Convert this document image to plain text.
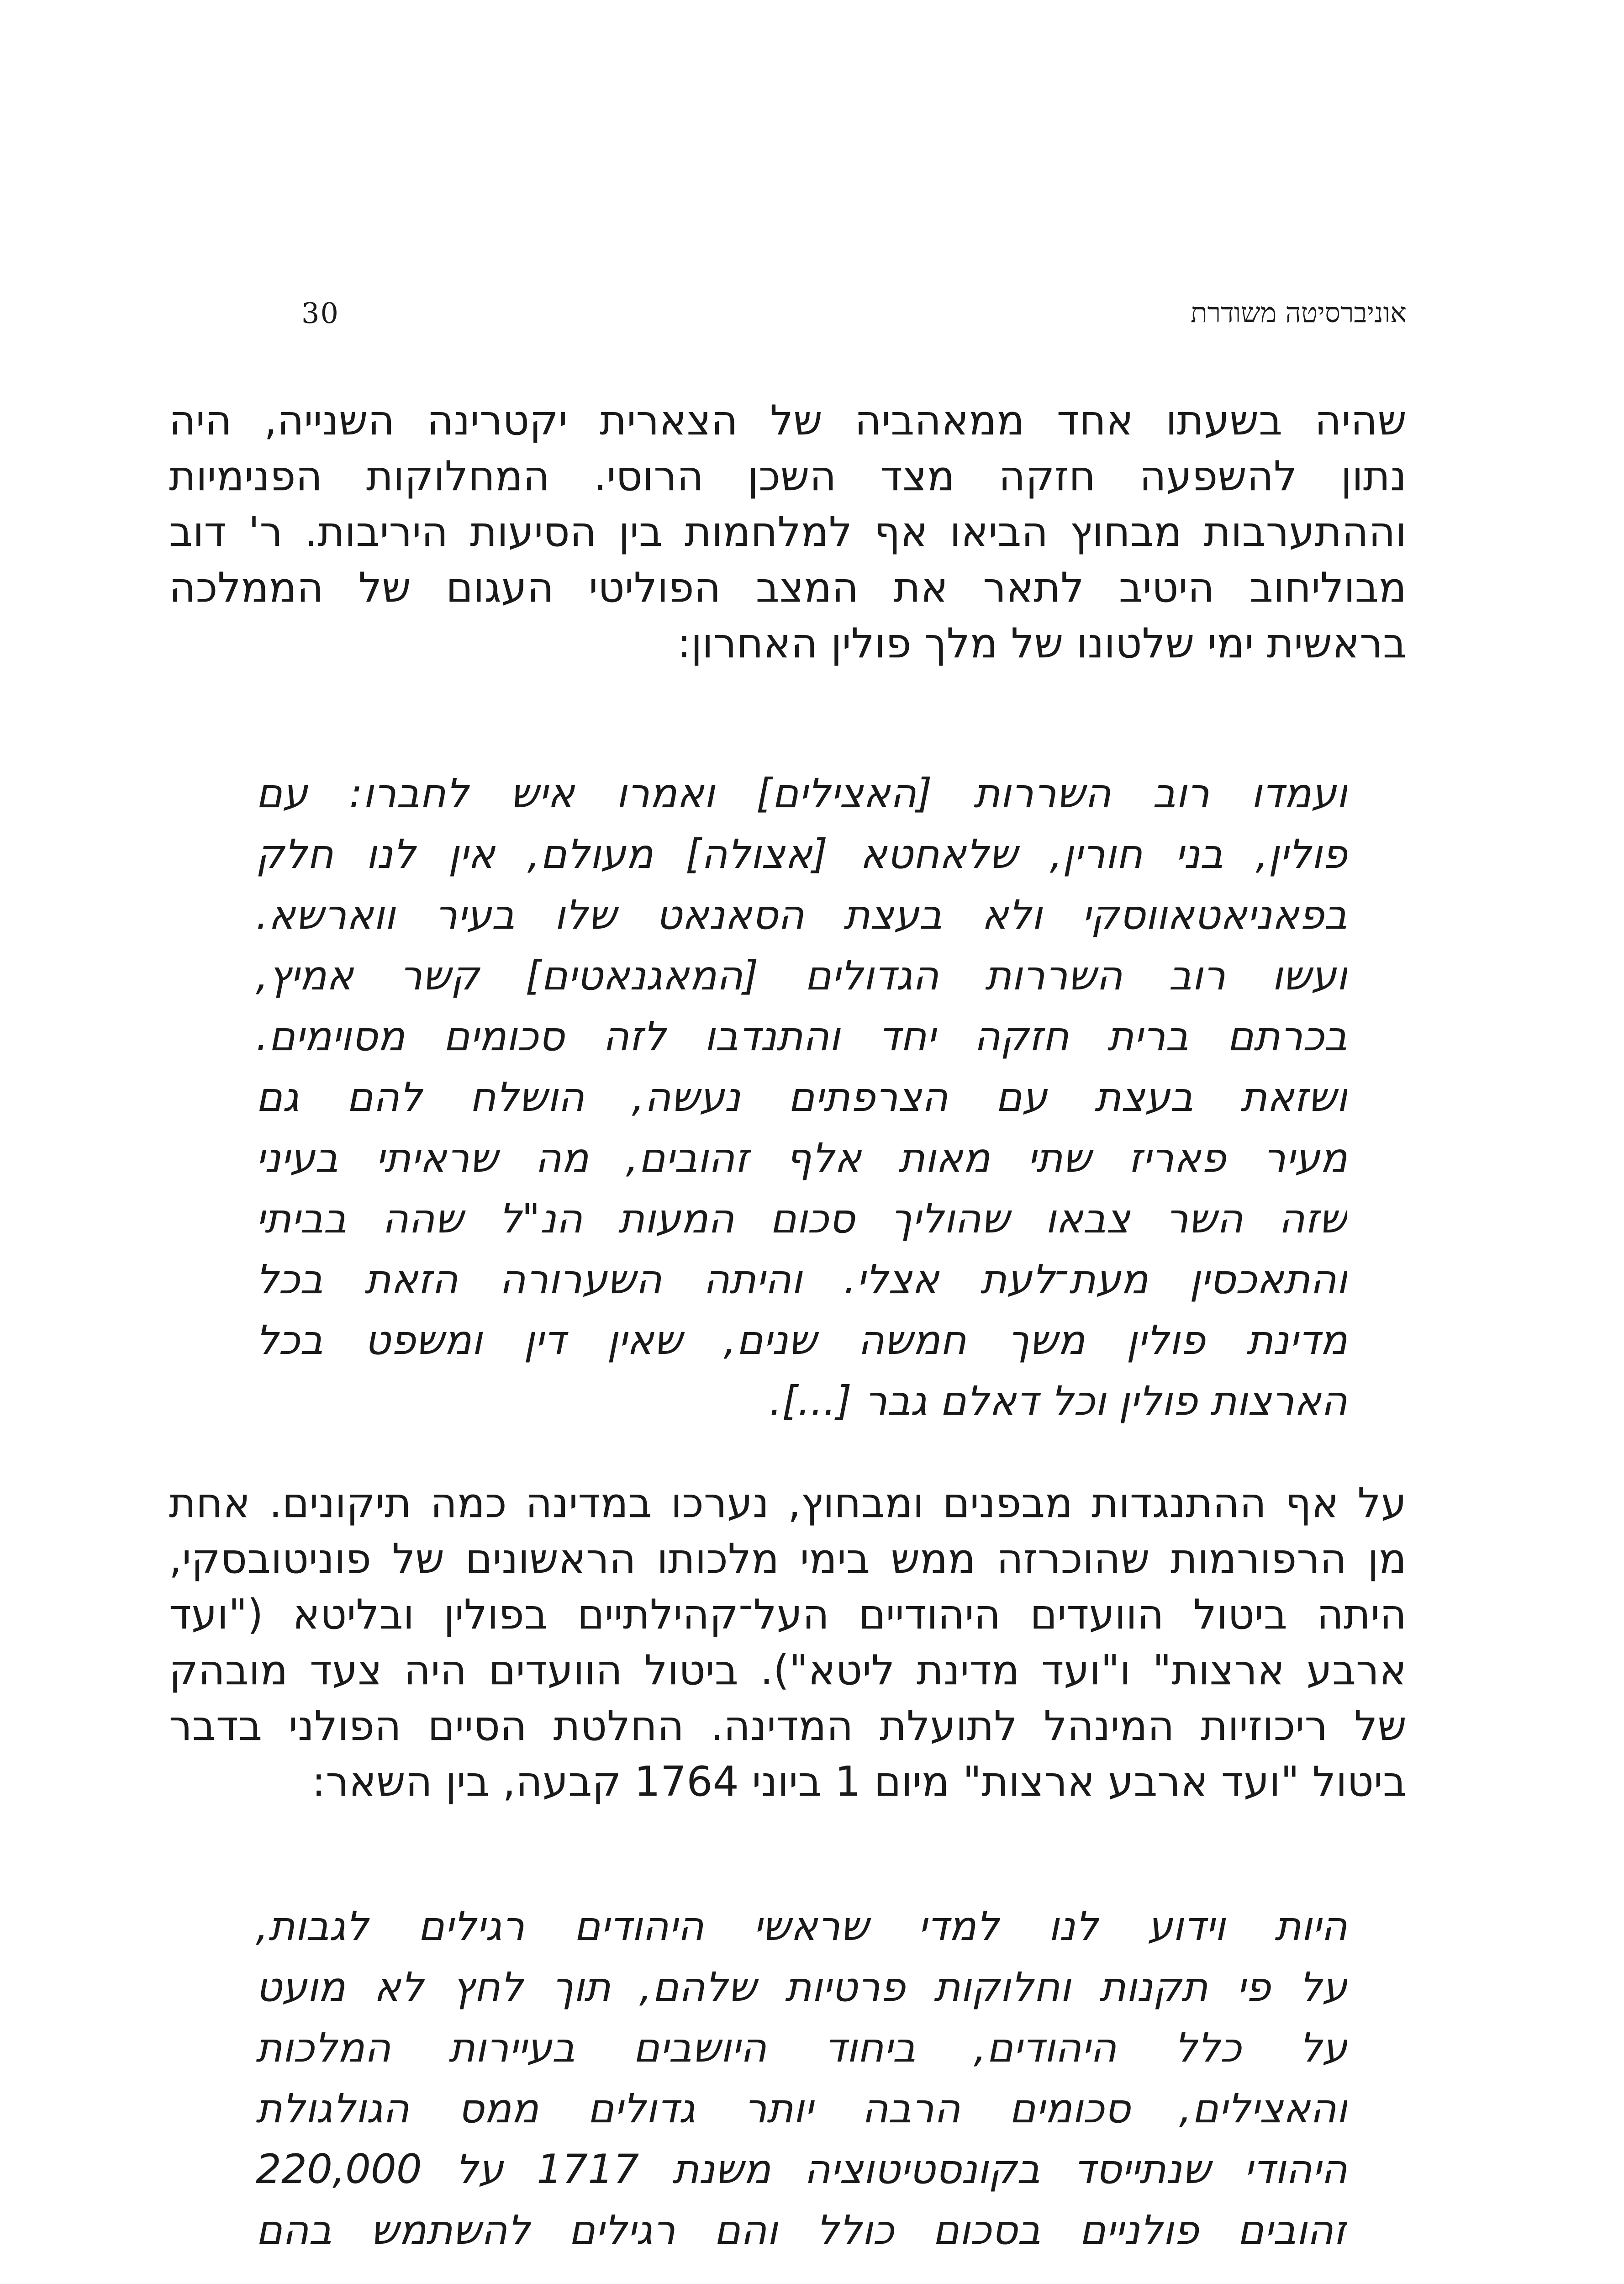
אוניברסיטה משודרת
30
שהיה בשעתו אחד ממאהביה של הצארית יקטרינה השנייה, היה
נתון להשפעה חזקה מצד השכן הרוסי. המחלוקות הפנימיות
וההתערבות מבחוץ הביאו אף למלחמות בין הסיעות היריבות. ר' דוב
מבוליחוב היטיב לתאר את המצב הפוליטי העגום של הממלכה
בראשית ימי שלטונו של מלך פולין האחרון:
ועמדו רוב השררות [האצילים] ואמרו איש לחברו: עם
פולין, בני חורין, שלאחטא [אצולה] מעולם, אין לנו חלק
בפאניאטאווסקי ולא בעצת הסאנאט שלו בעיר ווארשא.
ועשו רוב השררות הגדולים [המאגנאטים] קשר אמיץ,
בכרתם ברית חזקה יחד והתנדבו לזה סכומים מסוימים.
ושזאת בעצת עם הצרפתים נעשה, הושלח להם גם
מעיר פאריז שתי מאות אלף זהובים, מה שראיתי בעיני
שזה השר צבאו שהוליך סכום המעות הנ"ל שהה בביתי
והתאכסין מעת־לעת אצלי. והיתה השערורה הזאת בכל
מדינת פולין משך חמשה שנים, שאין דין ומשפט בכל
הארצות פולין וכל דאלם גבר [...].
על אף ההתנגדות מבפנים ומבחוץ, נערכו במדינה כמה תיקונים. אחת
מן הרפורמות שהוכרזה ממש בימי מלכותו הראשונים של פוניטובסקי,
היתה ביטול הוועדים היהודיים העל־קהילתיים בפולין ובליטא ("ועד
ארבע ארצות" ו"ועד מדינת ליטא"). ביטול הוועדים היה צעד מובהק
של ריכוזיות המינהל לתועלת המדינה. החלטת הסיים הפולני בדבר
ביטול "ועד ארבע ארצות" מיום 1 ביוני 1764 קבעה, בין השאר:
היות וידוע לנו למדי שראשי היהודים רגילים לגבות,
על פי תקנות וחלוקות פרטיות שלהם, תוך לחץ לא מועט
על כלל היהודים, ביחוד היושבים בעיירות המלכות
והאצילים, סכומים הרבה יותר גדולים ממס הגולגולת
היהודי שנתייסד בקונסטיטוציה משנת 1717 על 220,000
זהובים פולניים בסכום כולל והם רגילים להשתמש בהם
